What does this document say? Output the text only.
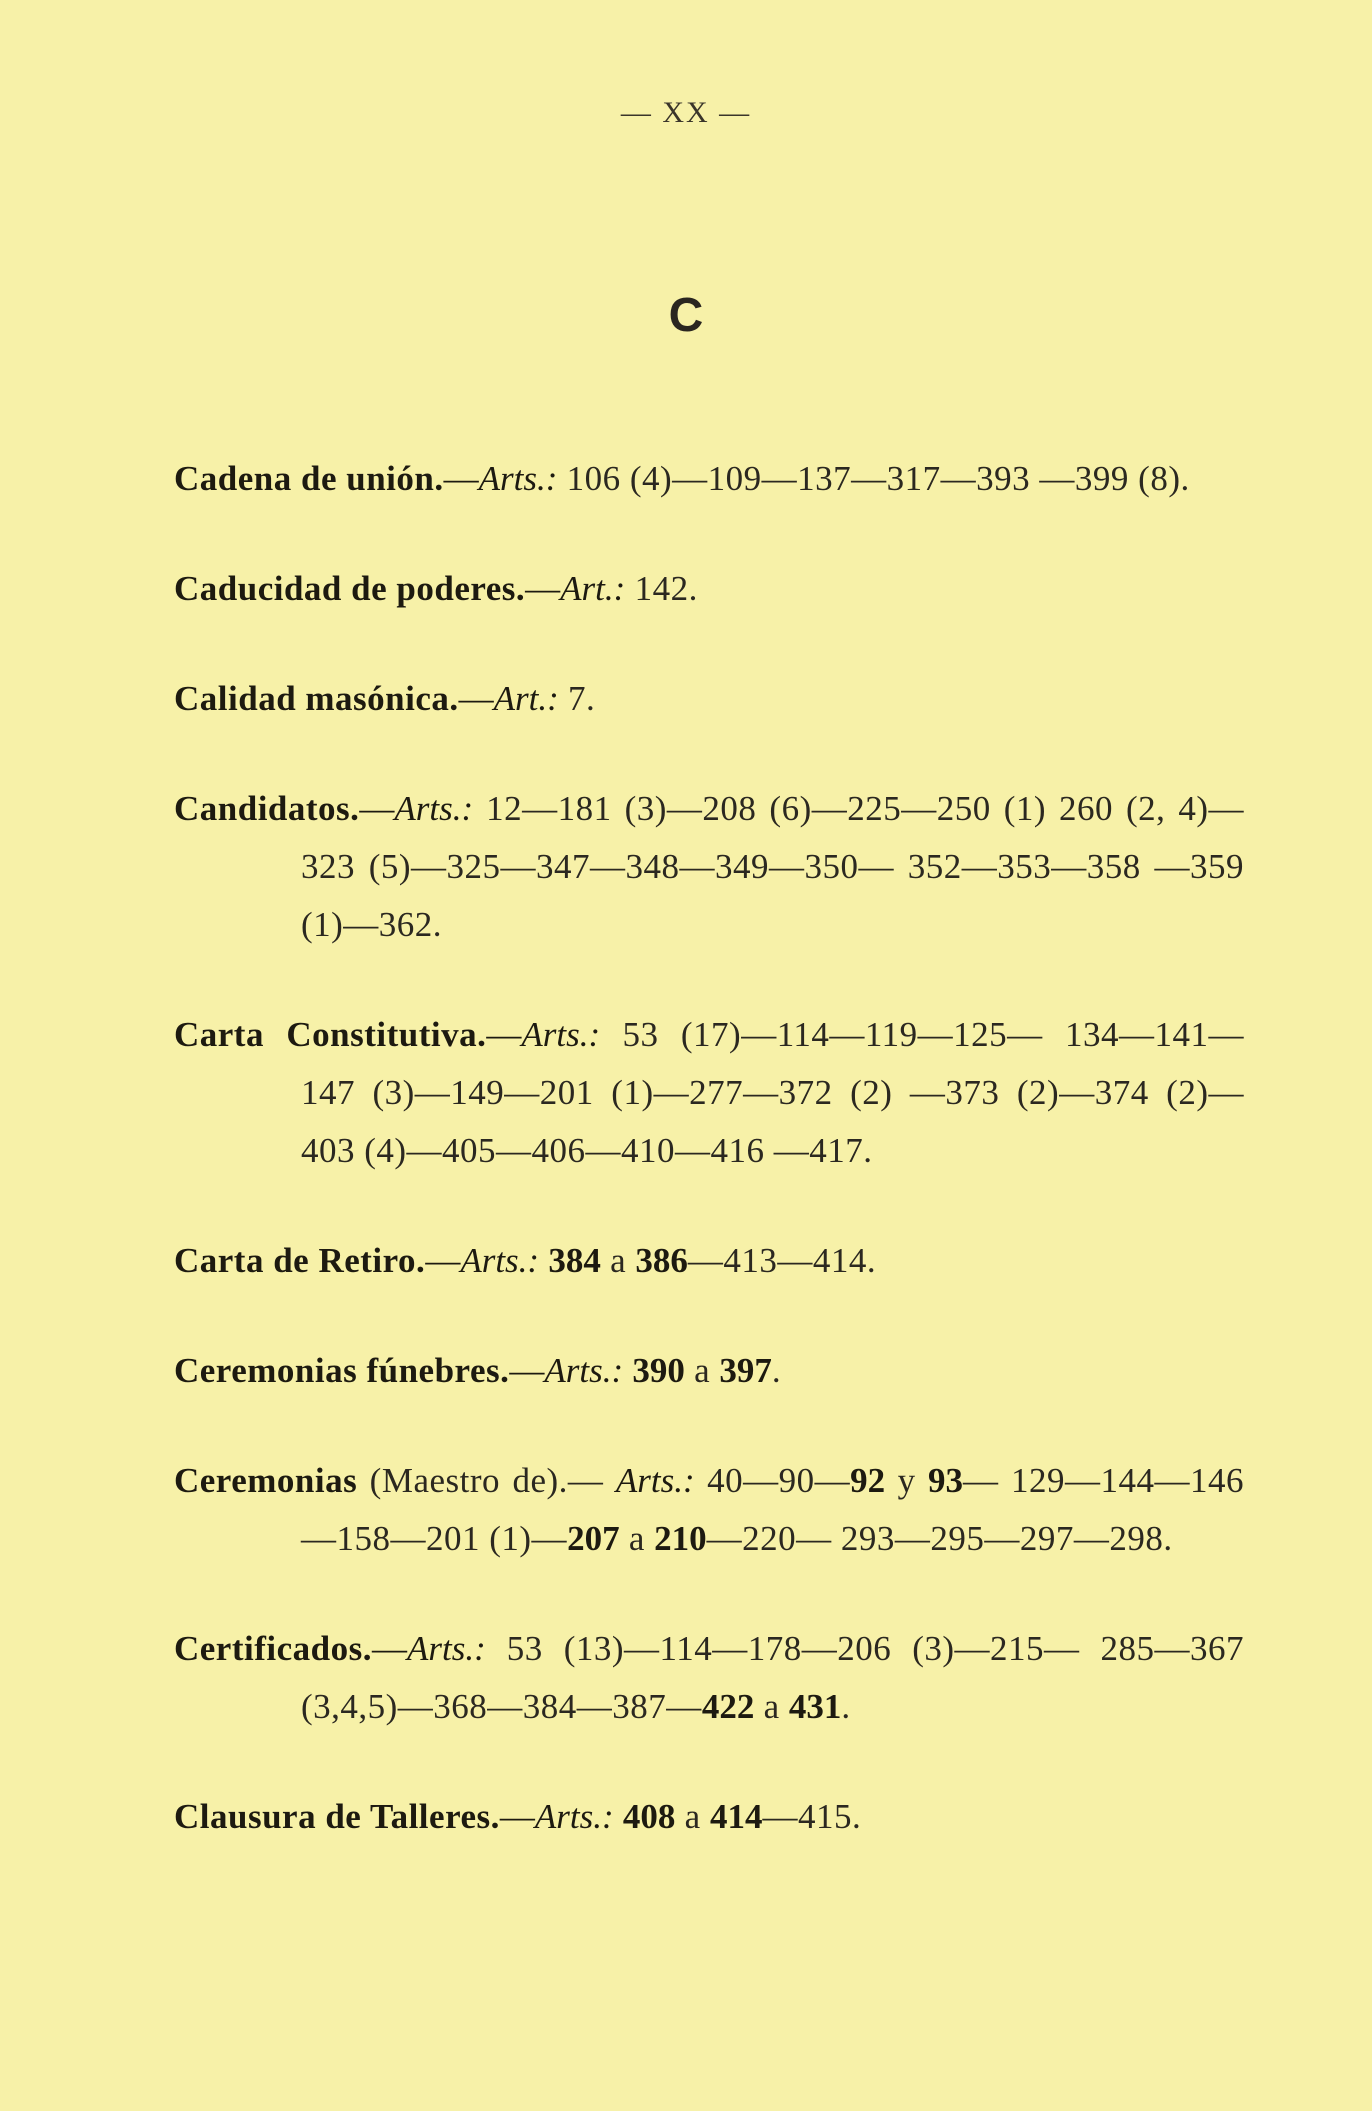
— XX —
C
Cadena de unión.—Arts.: 106 (4)—109—137—317—393 —399 (8).
Caducidad de poderes.—Art.: 142.
Calidad masónica.—Art.: 7.
Candidatos.—Arts.: 12—181 (3)—208 (6)—225—250 (1) 260 (2, 4)—323 (5)—325—347—348—349—350— 352—353—358 —359 (1)—362.
Carta Constitutiva.—Arts.: 53 (17)—114—119—125— 134—141—147 (3)—149—201 (1)—277—372 (2) —373 (2)—374 (2)—403 (4)—405—406—410—416 —417.
Carta de Retiro.—Arts.: 384 a 386—413—414.
Ceremonias fúnebres.—Arts.: 390 a 397.
Ceremonias (Maestro de).— Arts.: 40—90—92 y 93— 129—144—146—158—201 (1)—207 a 210—220— 293—295—297—298.
Certificados.—Arts.: 53 (13)—114—178—206 (3)—215— 285—367 (3,4,5)—368—384—387—422 a 431.
Clausura de Talleres.—Arts.: 408 a 414—415.
